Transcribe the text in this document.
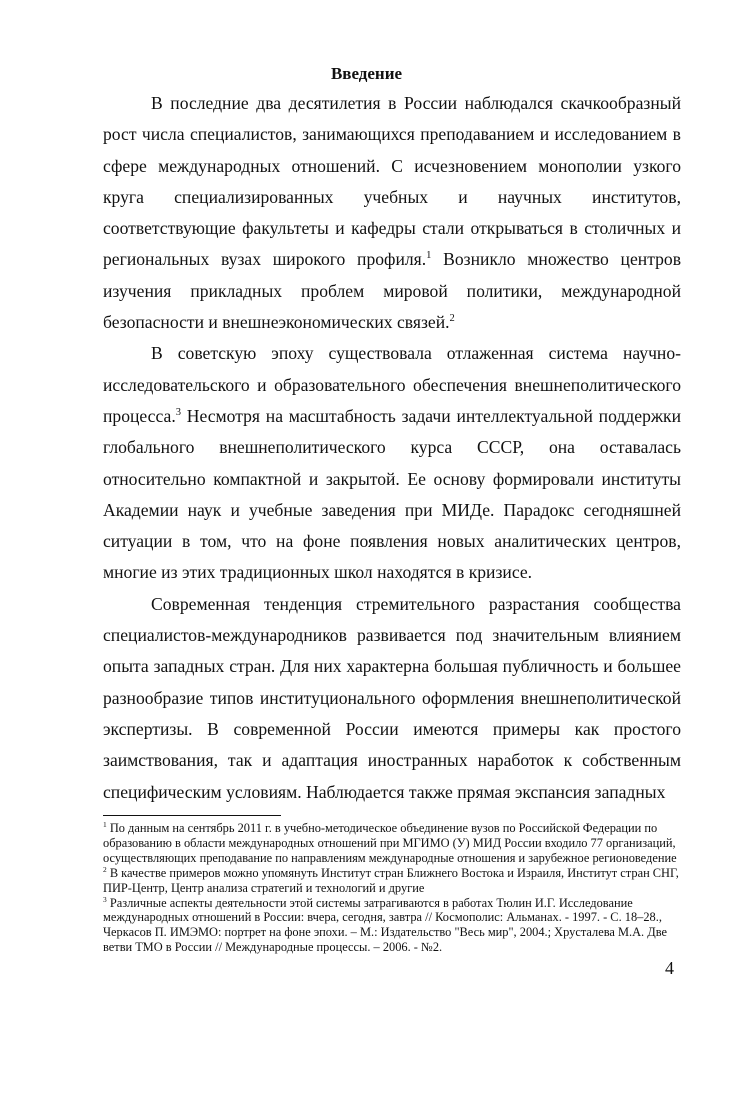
Введение

В последние два десятилетия в России наблюдался скачкообразный рост числа специалистов, занимающихся преподаванием и исследованием в сфере международных отношений. С исчезновением монополии узкого круга специализированных учебных и научных институтов, соответствующие факультеты и кафедры стали открываться в столичных и региональных вузах широкого профиля.$^1$ Возникло множество центров изучения прикладных проблем мировой политики, международной безопасности и внешнеэкономических связей.$^2$

В советскую эпоху существовала отлаженная система научно-исследовательского и образовательного обеспечения внешнеполитического процесса.$^3$ Несмотря на масштабность задачи интеллектуальной поддержки глобального внешнеполитического курса СССР, она оставалась относительно компактной и закрытой. Ее основу формировали институты Академии наук и учебные заведения при МИДе. Парадокс сегодняшней ситуации в том, что на фоне появления новых аналитических центров, многие из этих традиционных школ находятся в кризисе.

Современная тенденция стремительного разрастания сообщества специалистов-международников развивается под значительным влиянием опыта западных стран. Для них характерна большая публичность и большее разнообразие типов институционального оформления внешнеполитической экспертизы. В современной России имеются примеры как простого заимствования, так и адаптация иностранных наработок к собственным специфическим условиям. Наблюдается также прямая экспансия западных

$^1$ По данным на сентябрь 2011 г. в учебно-методическое объединение вузов по Российской Федерации по образованию в области международных отношений при МГИМО (У) МИД России входило 77 организаций, осуществляющих преподавание по направлениям международные отношения и зарубежное регионоведение

$^2$ В качестве примеров можно упомянуть Институт стран Ближнего Востока и Израиля, Институт стран СНГ, ПИР-Центр, Центр анализа стратегий и технологий и другие

$^3$ Различные аспекты деятельности этой системы затрагиваются в работах Тюлин И.Г. Исследование международных отношений в России: вчера, сегодня, завтра // Космополис: Альманах. - 1997. - С. 18–28., Черкасов П. ИМЭМО: портрет на фоне эпохи. – М.: Издательство "Весь мир", 2004.; Хрусталева М.А. Две ветви ТМО в России // Международные процессы. – 2006. - №2.

4
